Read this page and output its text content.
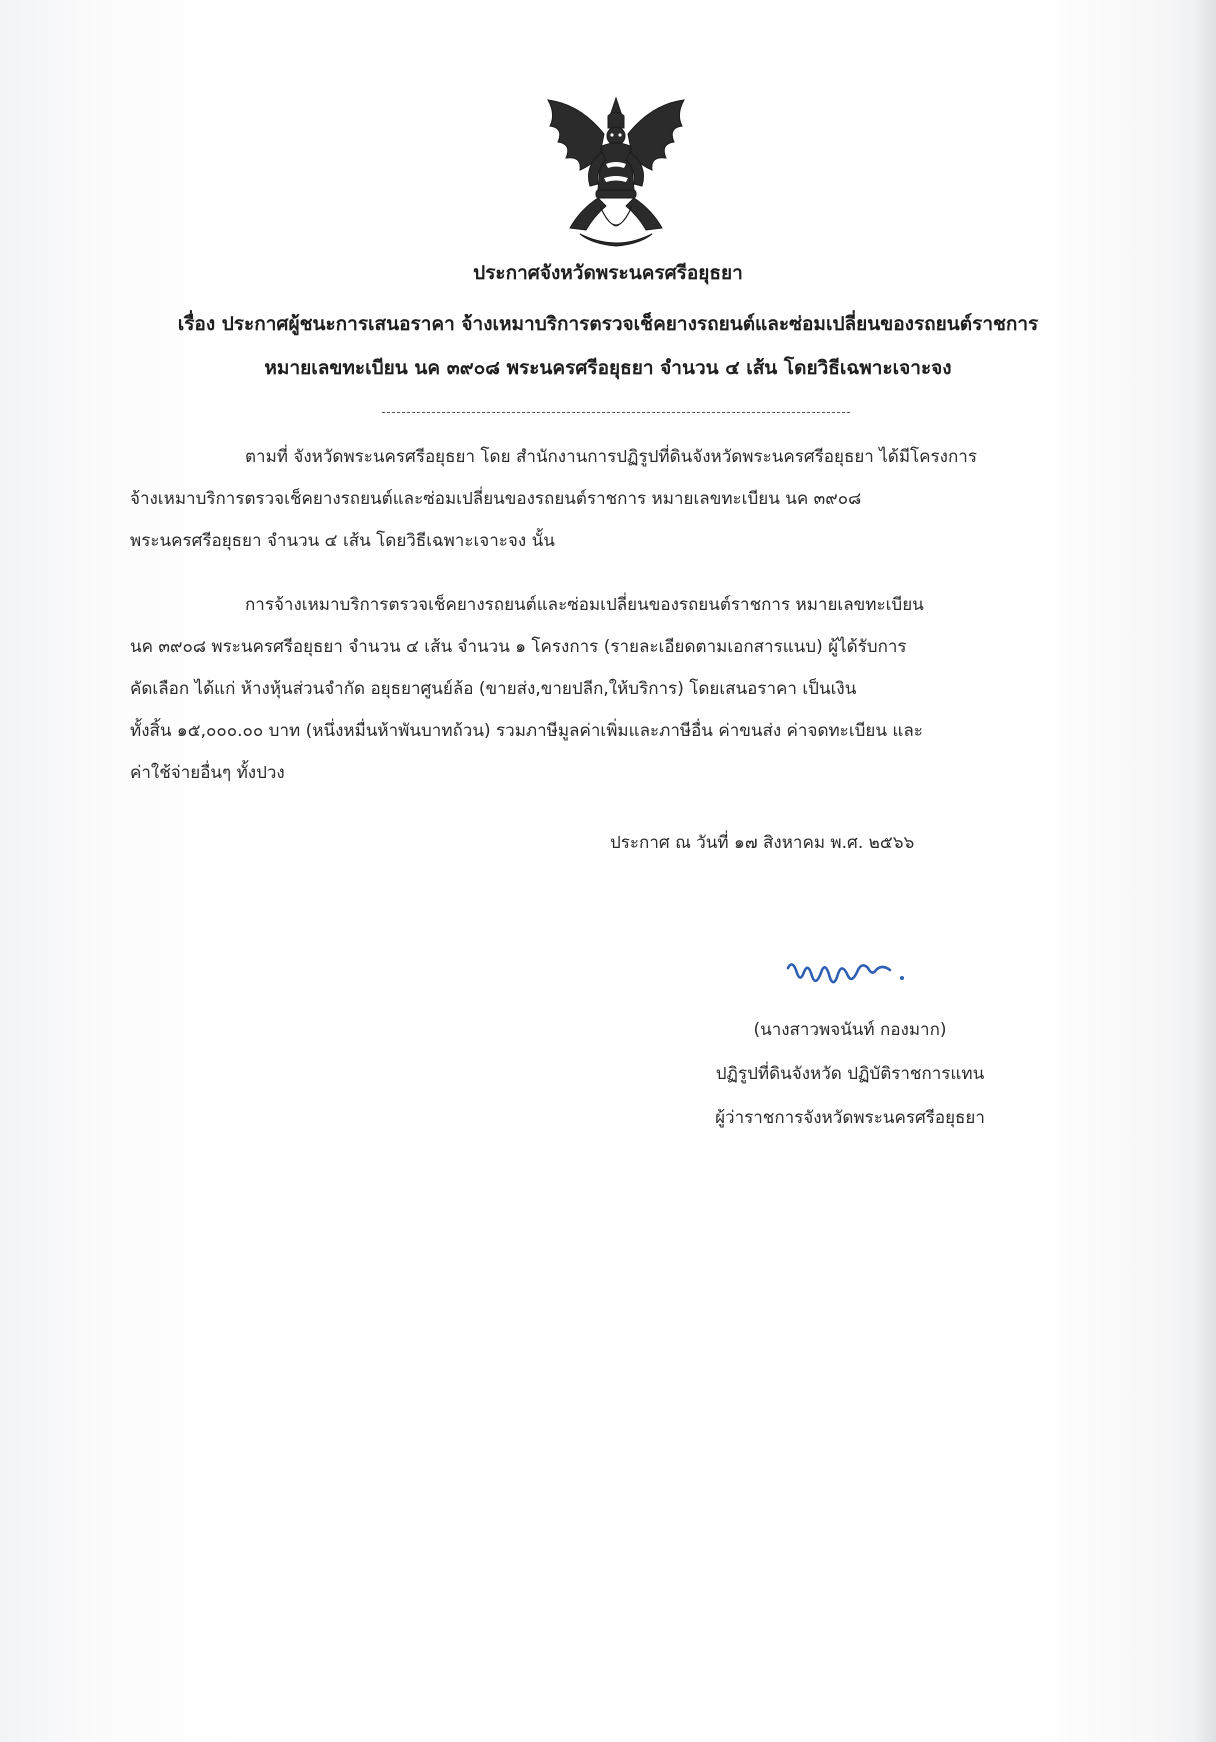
ประกาศจังหวัดพระนครศรีอยุธยา
เรื่อง ประกาศผู้ชนะการเสนอราคา จ้างเหมาบริการตรวจเช็คยางรถยนต์และซ่อมเปลี่ยนของรถยนต์ราชการ
หมายเลขทะเบียน นค ๓๙๐๘ พระนครศรีอยุธยา จำนวน ๔ เส้น โดยวิธีเฉพาะเจาะจง
ตามที่ จังหวัดพระนครศรีอยุธยา โดย สำนักงานการปฏิรูปที่ดินจังหวัดพระนครศรีอยุธยา ได้มีโครงการ
จ้างเหมาบริการตรวจเช็คยางรถยนต์และซ่อมเปลี่ยนของรถยนต์ราชการ หมายเลขทะเบียน นค ๓๙๐๘
พระนครศรีอยุธยา จำนวน ๔ เส้น โดยวิธีเฉพาะเจาะจง นั้น
การจ้างเหมาบริการตรวจเช็คยางรถยนต์และซ่อมเปลี่ยนของรถยนต์ราชการ หมายเลขทะเบียน
นค ๓๙๐๘ พระนครศรีอยุธยา จำนวน ๔ เส้น จำนวน ๑ โครงการ (รายละเอียดตามเอกสารแนบ) ผู้ได้รับการ
คัดเลือก ได้แก่ ห้างหุ้นส่วนจำกัด อยุธยาศูนย์ล้อ (ขายส่ง,ขายปลีก,ให้บริการ) โดยเสนอราคา เป็นเงิน
ทั้งสิ้น ๑๕,๐๐๐.๐๐ บาท (หนึ่งหมื่นห้าพันบาทถ้วน) รวมภาษีมูลค่าเพิ่มและภาษีอื่น ค่าขนส่ง ค่าจดทะเบียน และ
ค่าใช้จ่ายอื่นๆ ทั้งปวง
ประกาศ ณ วันที่ ๑๗ สิงหาคม พ.ศ. ๒๕๖๖
(นางสาวพจนันท์ กองมาก)
ปฏิรูปที่ดินจังหวัด ปฏิบัติราชการแทน
ผู้ว่าราชการจังหวัดพระนครศรีอยุธยา
